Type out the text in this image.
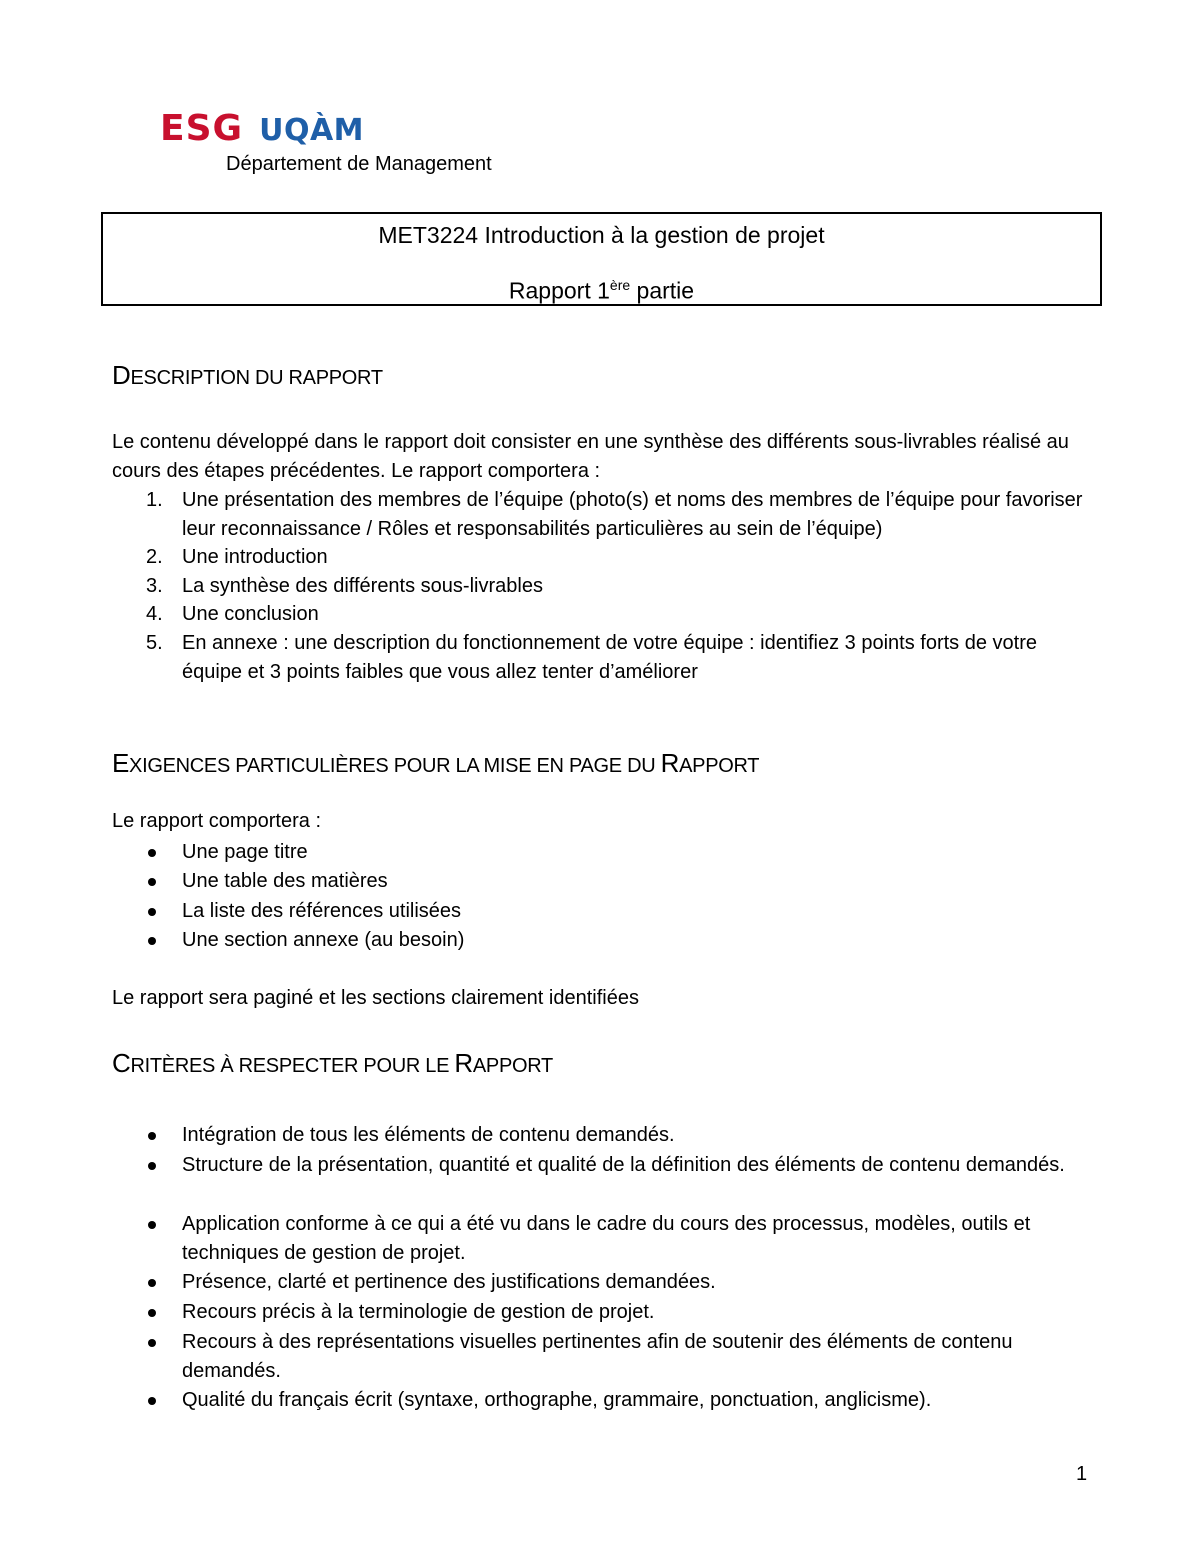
ESG UQÀM
Département de Management
MET3224 Introduction à la gestion de projet
Rapport 1ère partie
DESCRIPTION DU RAPPORT
Le contenu développé dans le rapport doit consister en une synthèse des différents sous-livrables réalisé au cours des étapes précédentes. Le rapport comportera :
1. Une présentation des membres de l’équipe (photo(s) et noms des membres de l’équipe pour favoriser leur reconnaissance / Rôles et responsabilités particulières au sein de l’équipe)
2. Une introduction
3. La synthèse des différents sous-livrables
4. Une conclusion
5. En annexe : une description du fonctionnement de votre équipe : identifiez 3 points forts de votre équipe et 3 points faibles que vous allez tenter d’améliorer
EXIGENCES PARTICULIÈRES POUR LA MISE EN PAGE DU RAPPORT
Le rapport comportera :
Une page titre
Une table des matières
La liste des références utilisées
Une section annexe (au besoin)
Le rapport sera paginé et les sections clairement identifiées
CRITÈRES À RESPECTER POUR LE RAPPORT
Intégration de tous les éléments de contenu demandés.
Structure de la présentation, quantité et qualité de la définition des éléments de contenu demandés.
Application conforme à ce qui a été vu dans le cadre du cours des processus, modèles, outils et techniques de gestion de projet.
Présence, clarté et pertinence des justifications demandées.
Recours précis à la terminologie de gestion de projet.
Recours à des représentations visuelles pertinentes afin de soutenir des éléments de contenu demandés.
Qualité du français écrit (syntaxe, orthographe, grammaire, ponctuation, anglicisme).
1
